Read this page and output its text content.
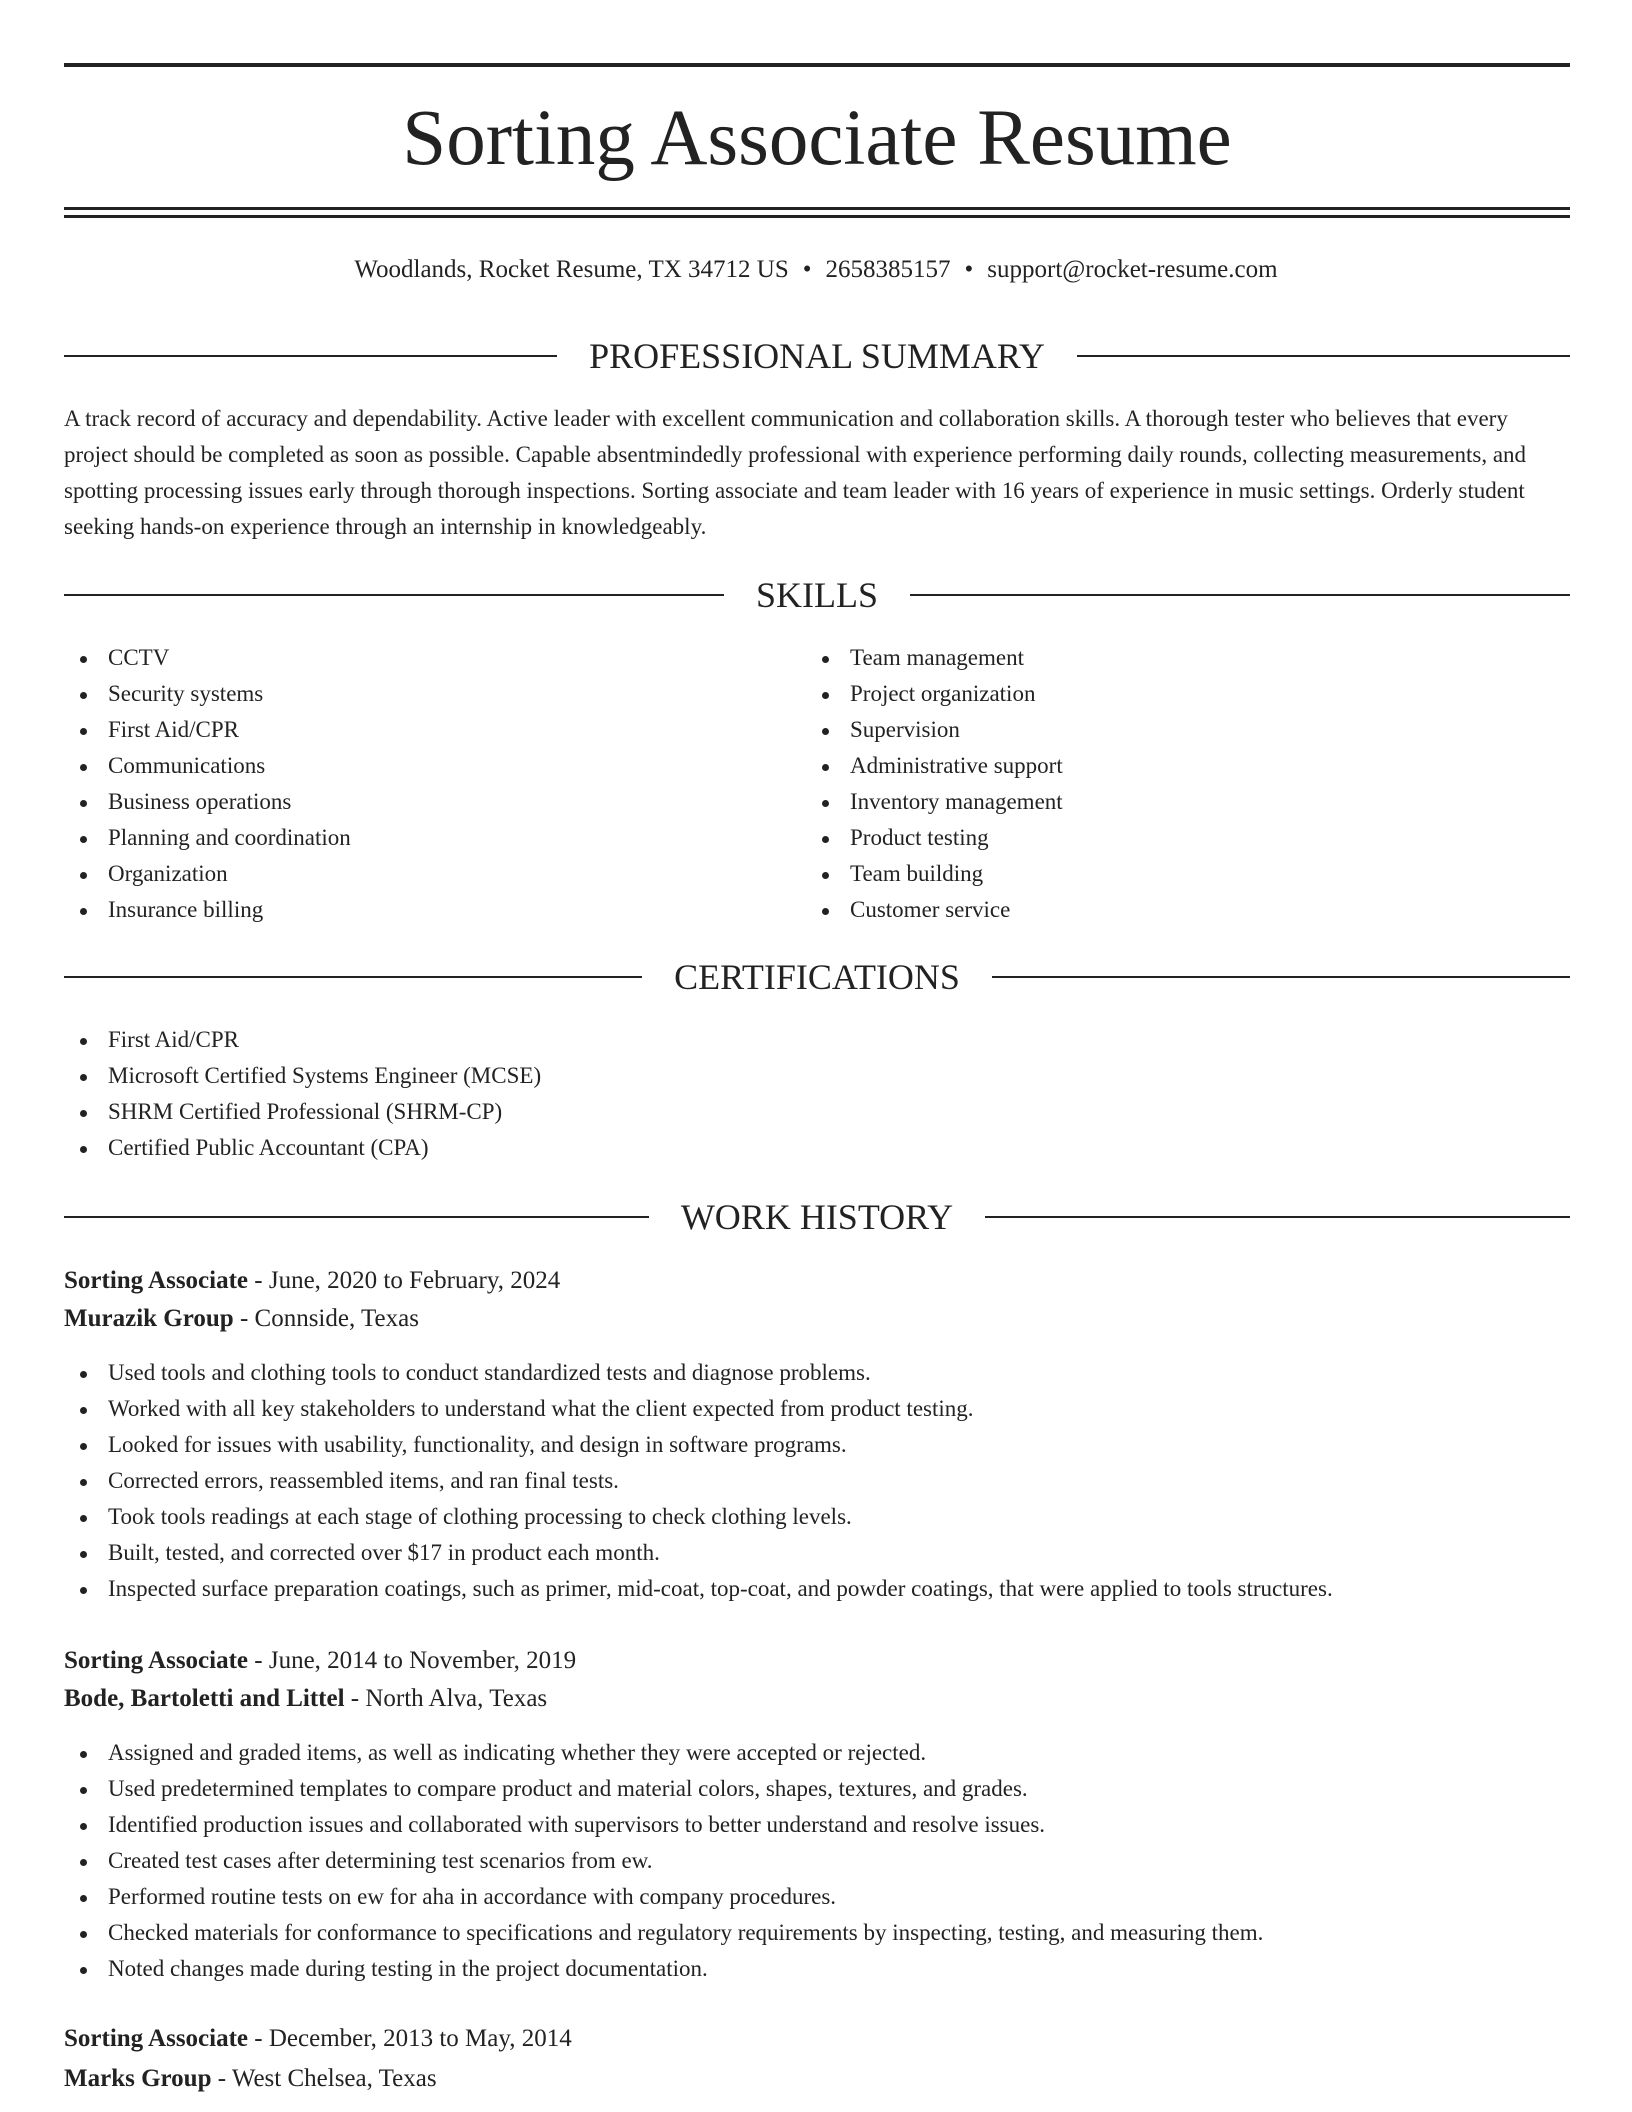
Sorting Associate Resume
Woodlands, Rocket Resume, TX 34712 US • 2658385157 • support@rocket-resume.com
PROFESSIONAL SUMMARY

A track record of accuracy and dependability. Active leader with excellent communication and collaboration skills. A thorough tester who believes that every project should be completed as soon as possible. Capable absentmindedly professional with experience performing daily rounds, collecting measurements, and spotting processing issues early through thorough inspections. Sorting associate and team leader with 16 years of experience in music settings. Orderly student seeking hands-on experience through an internship in knowledgeably.

SKILLS
CCTV
Security systems
First Aid/CPR
Communications
Business operations
Planning and coordination
Organization
Insurance billing
Team management
Project organization
Supervision
Administrative support
Inventory management
Product testing
Team building
Customer service
CERTIFICATIONS
First Aid/CPR
Microsoft Certified Systems Engineer (MCSE)
SHRM Certified Professional (SHRM-CP)
Certified Public Accountant (CPA)
WORK HISTORY
Sorting Associate - June, 2020 to February, 2024
Murazik Group - Connside, Texas
Used tools and clothing tools to conduct standardized tests and diagnose problems.
Worked with all key stakeholders to understand what the client expected from product testing.
Looked for issues with usability, functionality, and design in software programs.
Corrected errors, reassembled items, and ran final tests.
Took tools readings at each stage of clothing processing to check clothing levels.
Built, tested, and corrected over $17 in product each month.
Inspected surface preparation coatings, such as primer, mid-coat, top-coat, and powder coatings, that were applied to tools structures.
Sorting Associate - June, 2014 to November, 2019
Bode, Bartoletti and Littel - North Alva, Texas
Assigned and graded items, as well as indicating whether they were accepted or rejected.
Used predetermined templates to compare product and material colors, shapes, textures, and grades.
Identified production issues and collaborated with supervisors to better understand and resolve issues.
Created test cases after determining test scenarios from ew.
Performed routine tests on ew for aha in accordance with company procedures.
Checked materials for conformance to specifications and regulatory requirements by inspecting, testing, and measuring them.
Noted changes made during testing in the project documentation.
Sorting Associate - December, 2013 to May, 2014
Marks Group - West Chelsea, Texas
